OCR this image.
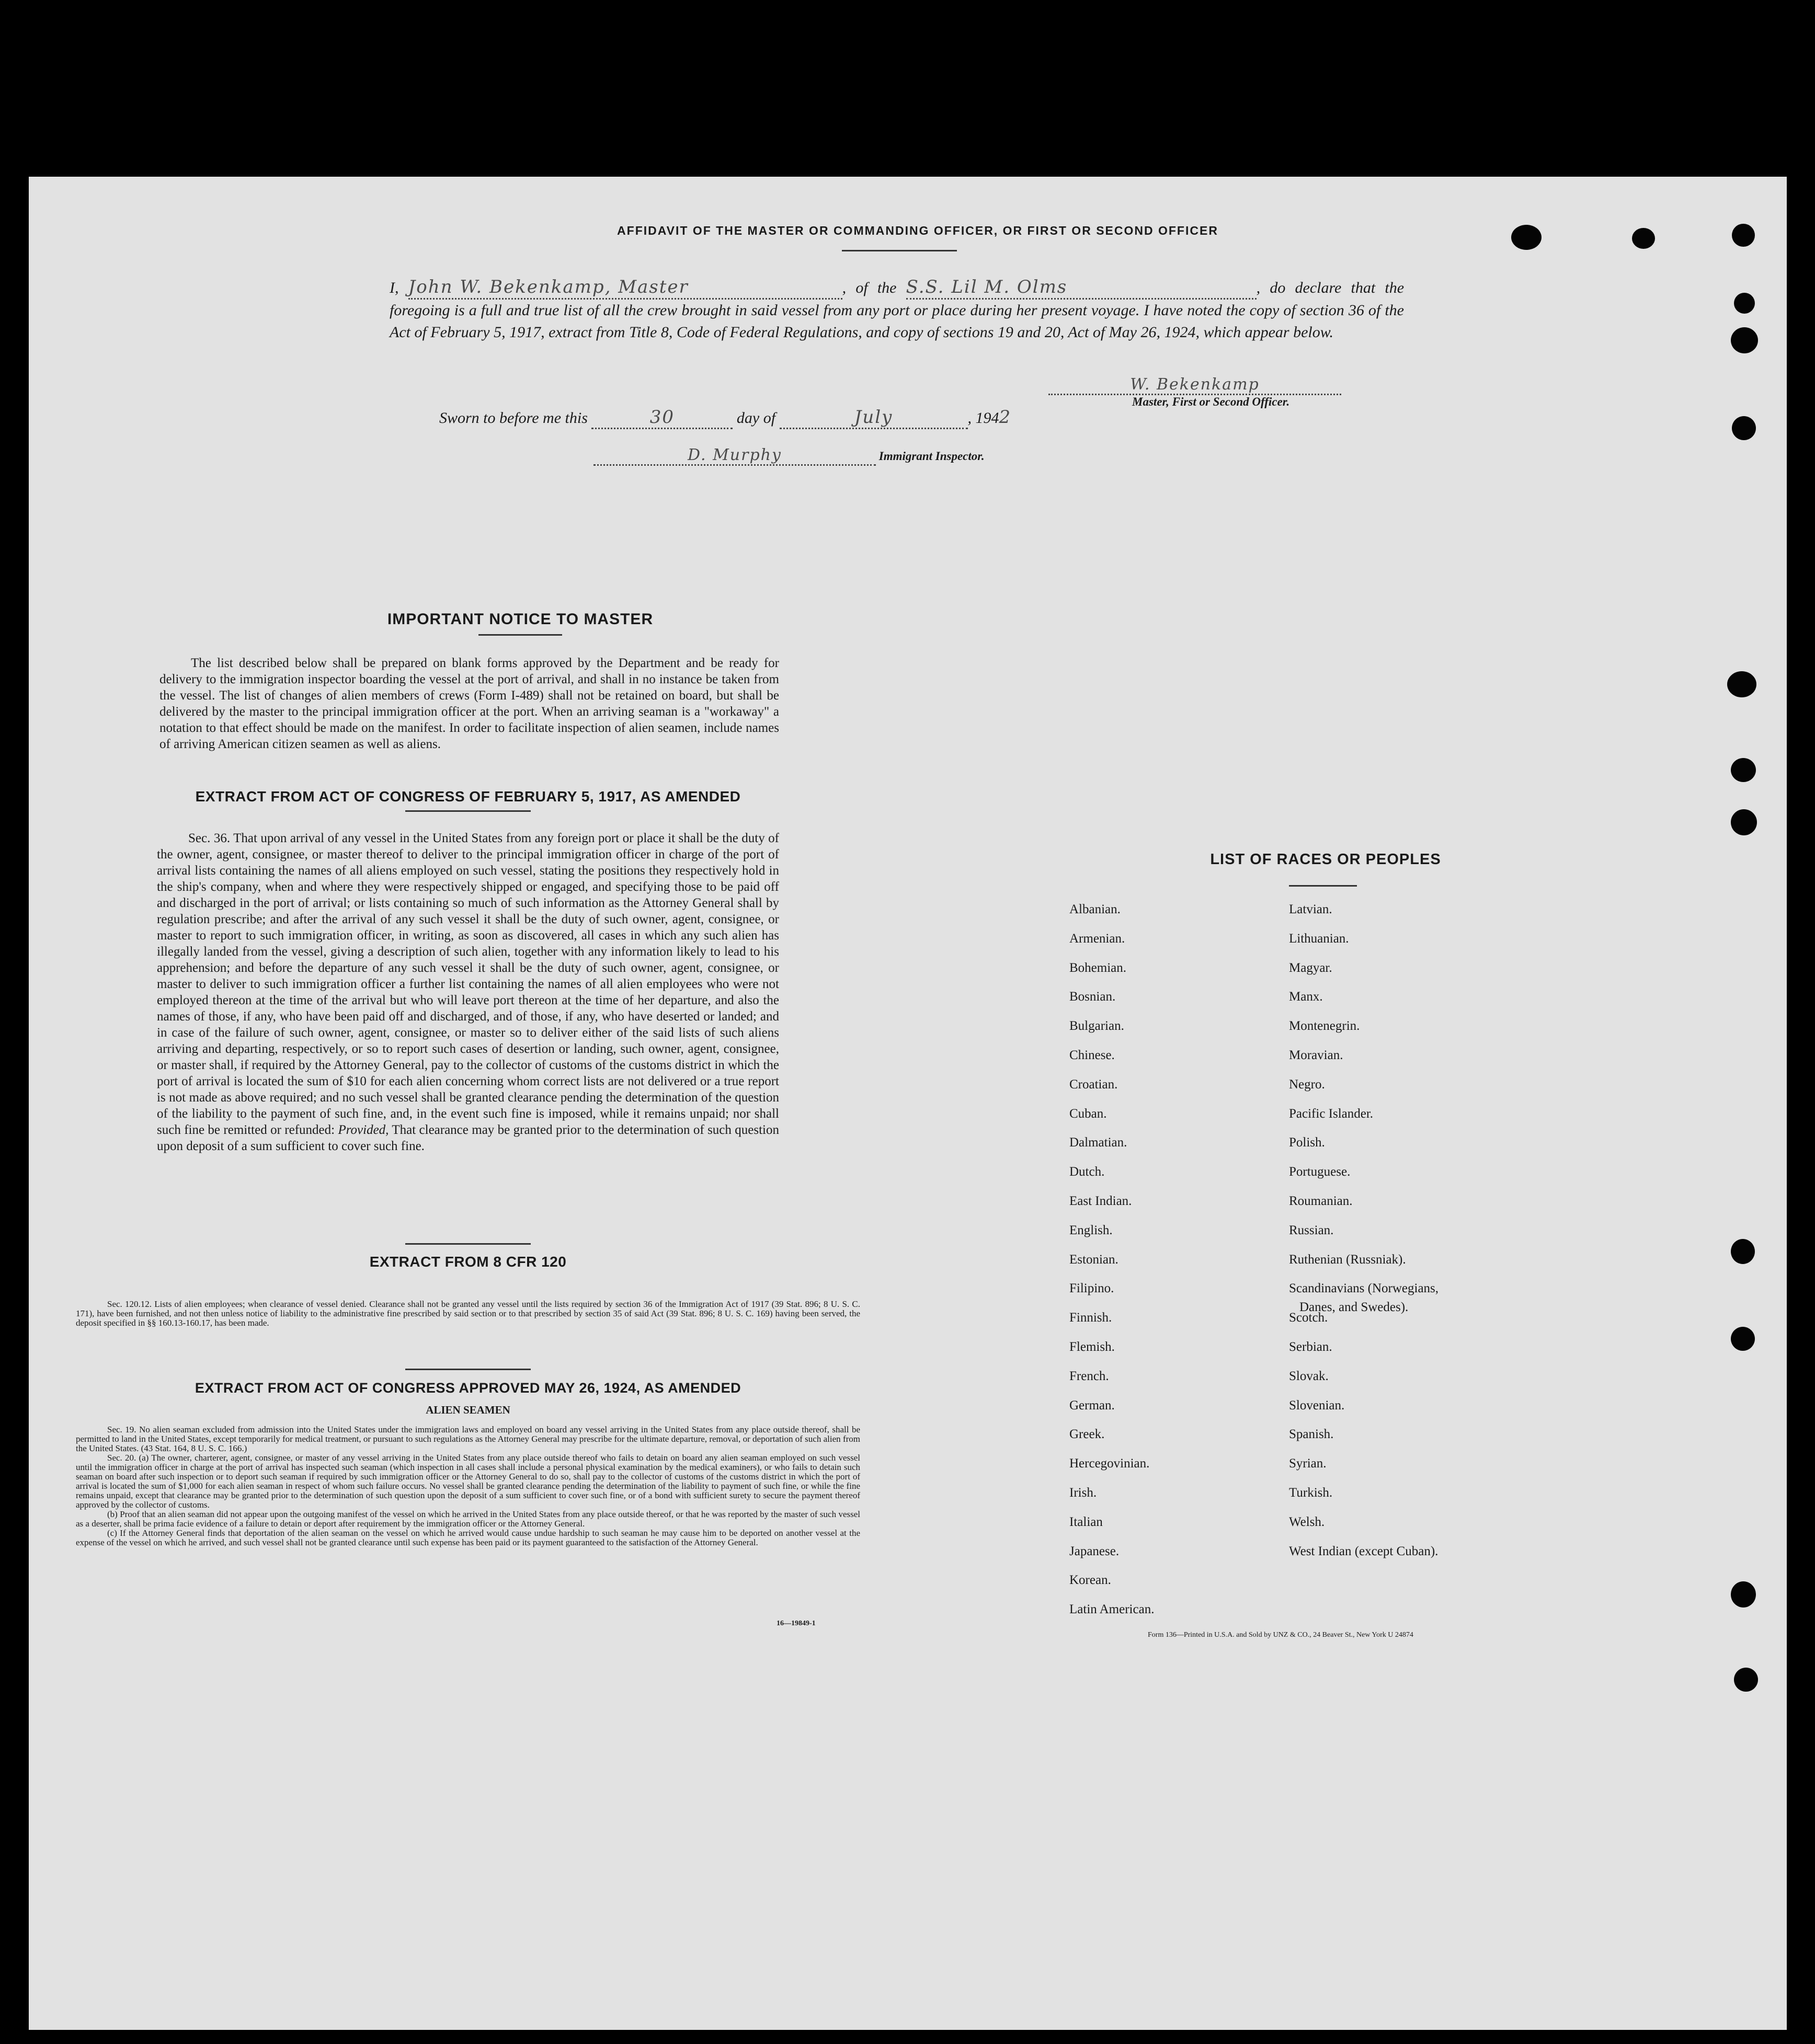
AFFIDAVIT OF THE MASTER OR COMMANDING OFFICER, OR FIRST OR SECOND OFFICER
I, John W. Bekenkamp, Master	, of the S.S. Lil M. Olms	, do declare that the foregoing is a full and true list of all the crew brought in said vessel from any port or place during her present voyage. I have noted the copy of section 36 of the Act of February 5, 1917, extract from Title 8, Code of Federal Regulations, and copy of sections 19 and 20, Act of May 26, 1924, which appear below.
W. Bekenkamp
Master, First or Second Officer.
Sworn to before me this	30	day of	July	, 1942
D. Murphy	Immigrant Inspector.
IMPORTANT NOTICE TO MASTER
The list described below shall be prepared on blank forms approved by the Department and be ready for delivery to the immigration inspector boarding the vessel at the port of arrival, and shall in no instance be taken from the vessel. The list of changes of alien members of crews (Form I-489) shall not be retained on board, but shall be delivered by the master to the principal immigration officer at the port. When an arriving seaman is a "workaway" a notation to that effect should be made on the manifest. In order to facilitate inspection of alien seamen, include names of arriving American citizen seamen as well as aliens.
EXTRACT FROM ACT OF CONGRESS OF FEBRUARY 5, 1917, AS AMENDED
Sec. 36. That upon arrival of any vessel in the United States from any foreign port or place it shall be the duty of the owner, agent, consignee, or master thereof to deliver to the principal immigration officer in charge of the port of arrival lists containing the names of all aliens employed on such vessel, stating the positions they respectively hold in the ship's company, when and where they were respectively shipped or engaged, and specifying those to be paid off and discharged in the port of arrival; or lists containing so much of such information as the Attorney General shall by regulation prescribe; and after the arrival of any such vessel it shall be the duty of such owner, agent, consignee, or master to report to such immigration officer, in writing, as soon as discovered, all cases in which any such alien has illegally landed from the vessel, giving a description of such alien, together with any information likely to lead to his apprehension; and before the departure of any such vessel it shall be the duty of such owner, agent, consignee, or master to deliver to such immigration officer a further list containing the names of all alien employees who were not employed thereon at the time of the arrival but who will leave port thereon at the time of her departure, and also the names of those, if any, who have been paid off and discharged, and of those, if any, who have deserted or landed; and in case of the failure of such owner, agent, consignee, or master so to deliver either of the said lists of such aliens arriving and departing, respectively, or so to report such cases of desertion or landing, such owner, agent, consignee, or master shall, if required by the Attorney General, pay to the collector of customs of the customs district in which the port of arrival is located the sum of $10 for each alien concerning whom correct lists are not delivered or a true report is not made as above required; and no such vessel shall be granted clearance pending the determination of the question of the liability to the payment of such fine, and, in the event such fine is imposed, while it remains unpaid; nor shall such fine be remitted or refunded: Provided, That clearance may be granted prior to the determination of such question upon deposit of a sum sufficient to cover such fine.
EXTRACT FROM 8 CFR 120
Sec. 120.12. Lists of alien employees; when clearance of vessel denied. Clearance shall not be granted any vessel until the lists required by section 36 of the Immigration Act of 1917 (39 Stat. 896; 8 U. S. C. 171), have been furnished, and not then unless notice of liability to the administrative fine prescribed by said section or to that prescribed by section 35 of said Act (39 Stat. 896; 8 U. S. C. 169) having been served, the deposit specified in §§ 160.13-160.17, has been made.
EXTRACT FROM ACT OF CONGRESS APPROVED MAY 26, 1924, AS AMENDED
ALIEN SEAMEN
Sec. 19. No alien seaman excluded from admission into the United States under the immigration laws and employed on board any vessel arriving in the United States from any place outside thereof, shall be permitted to land in the United States, except temporarily for medical treatment, or pursuant to such regulations as the Attorney General may prescribe for the ultimate departure, removal, or deportation of such alien from the United States. (43 Stat. 164, 8 U. S. C. 166.)
Sec. 20. (a) The owner, charterer, agent, consignee, or master of any vessel arriving in the United States from any place outside thereof who fails to detain on board any alien seaman employed on such vessel until the immigration officer in charge at the port of arrival has inspected such seaman (which inspection in all cases shall include a personal physical examination by the medical examiners), or who fails to detain such seaman on board after such inspection or to deport such seaman if required by such immigration officer or the Attorney General to do so, shall pay to the collector of customs of the customs district in which the port of arrival is located the sum of $1,000 for each alien seaman in respect of whom such failure occurs. No vessel shall be granted clearance pending the determination of the liability to payment of such fine, or while the fine remains unpaid, except that clearance may be granted prior to the determination of such question upon the deposit of a sum sufficient to cover such fine, or of a bond with sufficient surety to secure the payment thereof approved by the collector of customs.
(b) Proof that an alien seaman did not appear upon the outgoing manifest of the vessel on which he arrived in the United States from any place outside thereof, or that he was reported by the master of such vessel as a deserter, shall be prima facie evidence of a failure to detain or deport after requirement by the immigration officer or the Attorney General.
(c) If the Attorney General finds that deportation of the alien seaman on the vessel on which he arrived would cause undue hardship to such seaman he may cause him to be deported on another vessel at the expense of the vessel on which he arrived, and such vessel shall not be granted clearance until such expense has been paid or its payment guaranteed to the satisfaction of the Attorney General.
16—19849-1
LIST OF RACES OR PEOPLES
Albanian.
Armenian.
Bohemian.
Bosnian.
Bulgarian.
Chinese.
Croatian.
Cuban.
Dalmatian.
Dutch.
East Indian.
English.
Estonian.
Filipino.
Finnish.
Flemish.
French.
German.
Greek.
Hercegovinian.
Irish.
Italian
Japanese.
Korean.
Latin American.
Latvian.
Lithuanian.
Magyar.
Manx.
Montenegrin.
Moravian.
Negro.
Pacific Islander.
Polish.
Portuguese.
Roumanian.
Russian.
Ruthenian (Russniak).
Scandinavians (Norwegians,
Danes, and Swedes).
Scotch.
Serbian.
Slovak.
Slovenian.
Spanish.
Syrian.
Turkish.
Welsh.
West Indian (except Cuban).
Form 136—Printed in U.S.A. and Sold by UNZ & CO., 24 Beaver St., New York U 24874
